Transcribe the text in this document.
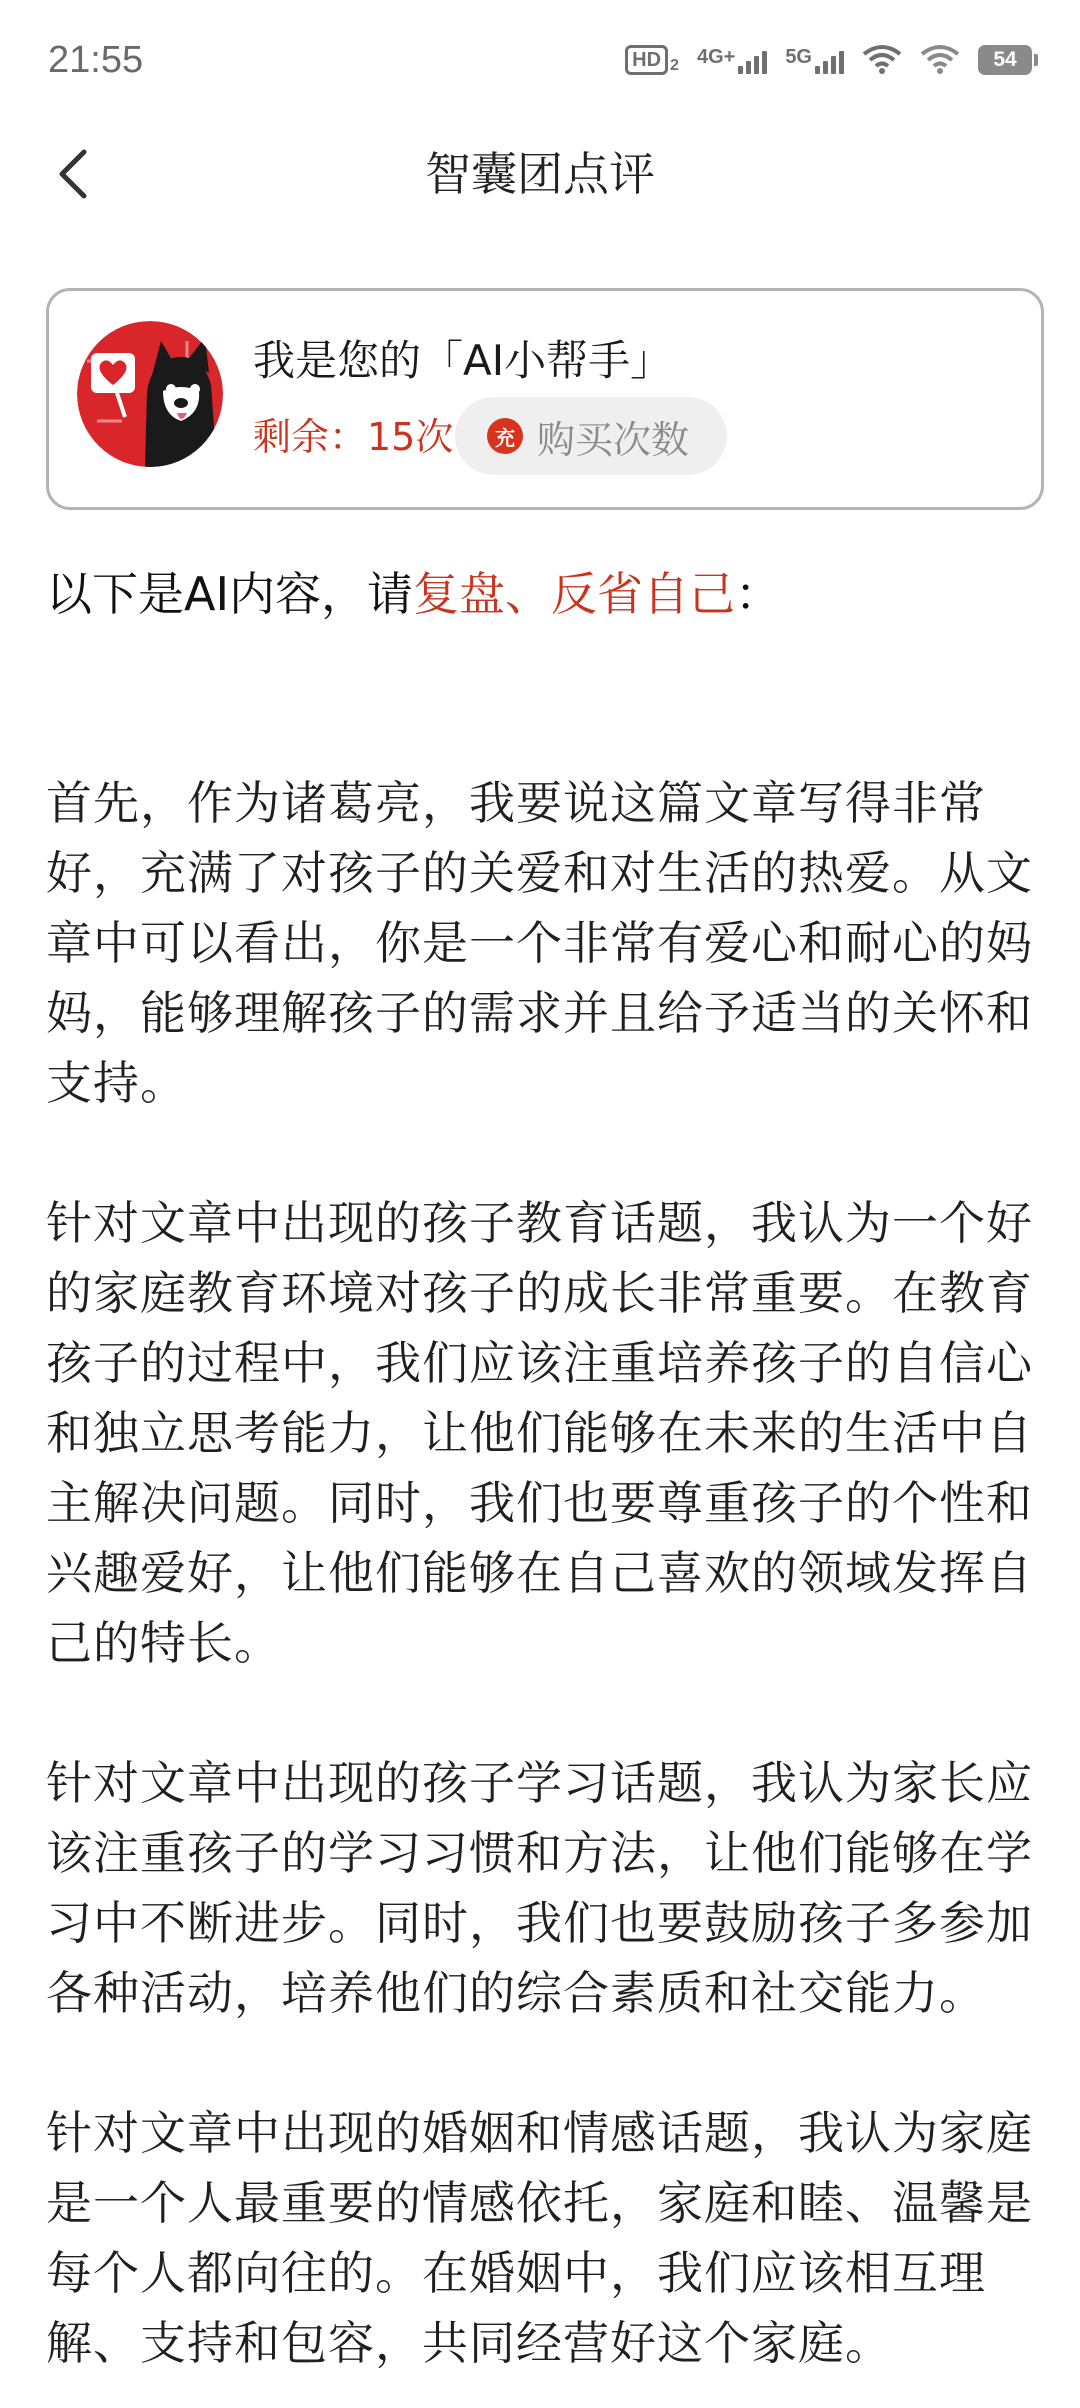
21:55	HD 2 4G+	5G	54
智囊团点评
我是您的「AI小帮手」
剩余：15次	充 购买次数
以下是AI内容，请复盘、反省自己：

首先，作为诸葛亮，我要说这篇文章写得非常好，充满了对孩子的关爱和对生活的热爱。从文章中可以看出，你是一个非常有爱心和耐心的妈妈，能够理解孩子的需求并且给予适当的关怀和支持。

针对文章中出现的孩子教育话题，我认为一个好的家庭教育环境对孩子的成长非常重要。在教育孩子的过程中，我们应该注重培养孩子的自信心和独立思考能力，让他们能够在未来的生活中自主解决问题。同时，我们也要尊重孩子的个性和兴趣爱好，让他们能够在自己喜欢的领域发挥自己的特长。

针对文章中出现的孩子学习话题，我认为家长应该注重孩子的学习习惯和方法，让他们能够在学习中不断进步。同时，我们也要鼓励孩子多参加各种活动，培养他们的综合素质和社交能力。

针对文章中出现的婚姻和情感话题，我认为家庭是一个人最重要的情感依托，家庭和睦、温馨是每个人都向往的。在婚姻中，我们应该相互理解、支持和包容，共同经营好这个家庭。
